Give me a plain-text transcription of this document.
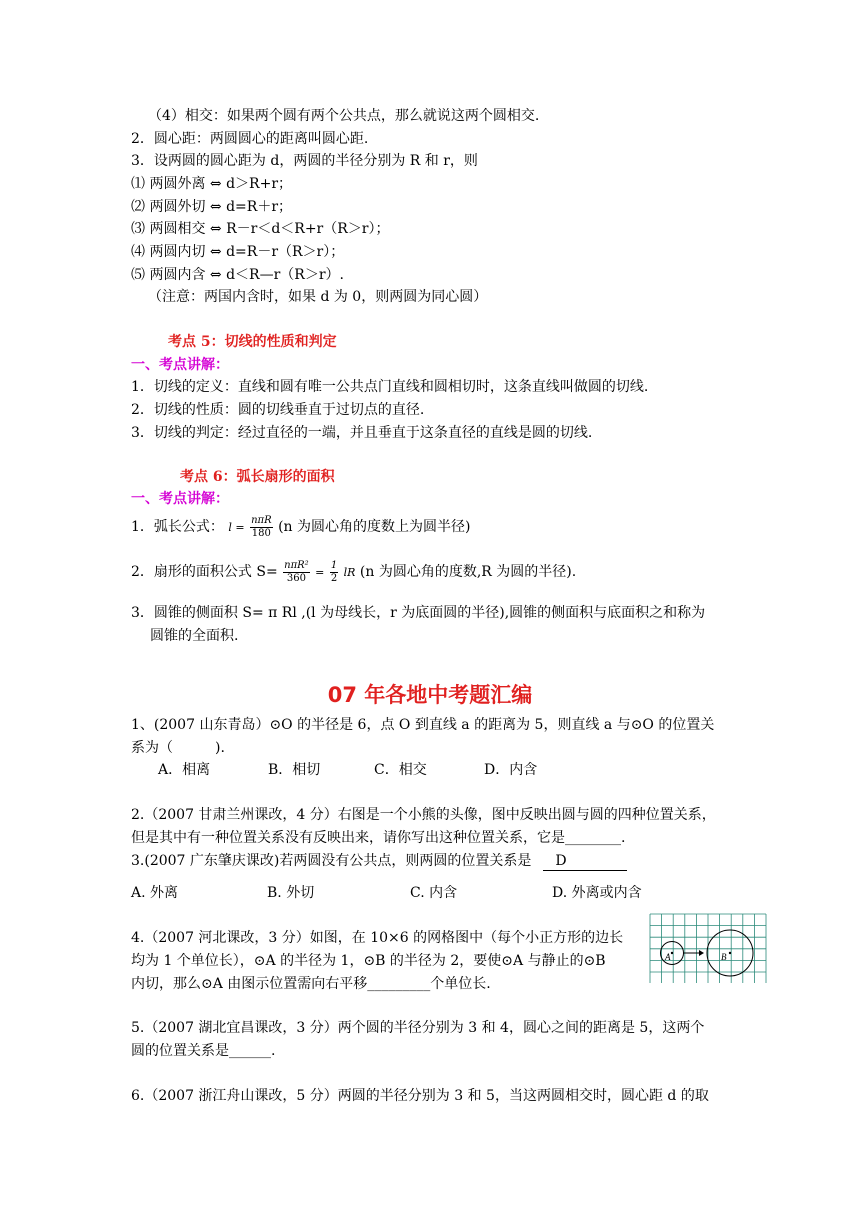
（4）相交：如果两个圆有两个公共点，那么就说这两个圆相交.
2．圆心距：两圆圆心的距离叫圆心距.
3．设两圆的圆心距为 d，两圆的半径分别为 R 和 r，则
⑴ 两圆外离 ⇔ d＞R+r；
⑵ 两圆外切 ⇔ d=R＋r；
⑶ 两圆相交 ⇔ R－r＜d＜R+r（R＞r）；
⑷ 两圆内切 ⇔ d=R－r（R＞r）；
⑸ 两圆内含 ⇔ d＜R—r（R＞r）.
（注意：两国内含时，如果 d 为 0，则两圆为同心圆）
考点 5：切线的性质和判定
一、考点讲解：
1．切线的定义：直线和圆有唯一公共点门直线和圆相切时，这条直线叫做圆的切线.
2．切线的性质：圆的切线垂直于过切点的直径.
3．切线的判定：经过直径的一端，并且垂直于这条直径的直线是圆的切线.
考点 6：弧长扇形的面积
一、考点讲解：
1．弧长公式： $l = \frac{\text{nπR}}{180} (n$ 为圆心角的度数上为圆半径)
2．扇形的面积公式 $S= \frac{\text{nπR²}}{360} = \frac{1}{2}$ lR (n 为圆心角的度数,R 为圆的半径).
3．圆锥的侧面积 S= π Rl ,(l 为母线长，r 为底面圆的半径),圆锥的侧面积与底面积之和称为
圆锥的全面积.
07 年各地中考题汇编
1、(2007 山东青岛）⊙O 的半径是 6，点 O 到直线 a 的距离为 5，则直线 a 与⊙O 的位置关
系为（　　　).
A．相离	B．相切	C．相交	D．内含
2.（2007 甘肃兰州课改，4 分）右图是一个小熊的头像，图中反映出圆与圆的四种位置关系，
但是其中有一种位置关系没有反映出来，请你写出这种位置关系，它是________.
3.(2007 广东肇庆课改)若两圆没有公共点，则两圆的位置关系是 D
A. 外离	B. 外切	C. 内含	D. 外离或内含
4.（2007 河北课改，3 分）如图，在 10×6 的网格图中（每个小正方形的边长
均为 1 个单位长），⊙A 的半径为 1，⊙B 的半径为 2，要使⊙A 与静止的⊙B
内切，那么⊙A 由图示位置需向右平移_________个单位长.
A	B
5.（2007 湖北宜昌课改，3 分）两个圆的半径分别为 3 和 4，圆心之间的距离是 5，这两个
圆的位置关系是______.
6.（2007 浙江舟山课改，5 分）两圆的半径分别为 3 和 5，当这两圆相交时，圆心距 d 的取
